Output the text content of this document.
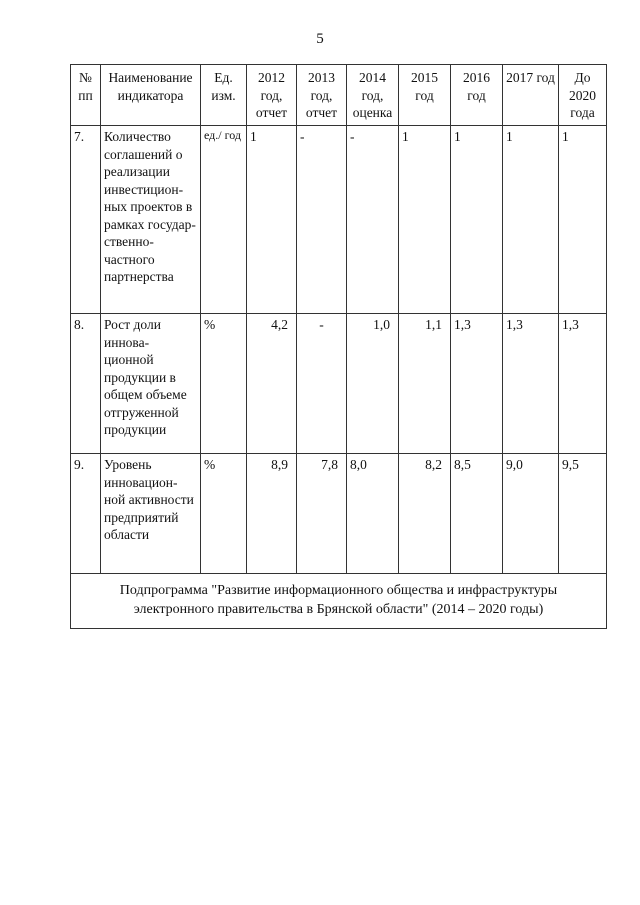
5
№ пп	Наименование индикатора	Ед. изм.	2012 год, отчет	2013 год, отчет	2014 год, оценка	2015 год	2016 год	2017 год	До 2020 года
7.	Количество соглашений о реализации инвестицион-ных проектов в рамках государ-ственно-частного партнерства	ед./ год	1	-	-	1	1	1	1
8.	Рост доли иннова-ционной продукции в общем объеме отгруженной продукции	%	4,2	-	1,0	1,1	1,3	1,3	1,3
9.	Уровень инновацион-ной активности предприятий области	%	8,9	7,8	8,0	8,2	8,5	9,0	9,5
Подпрограмма "Развитие информационного общества и инфраструктуры электронного правительства в Брянской области" (2014 – 2020 годы)									
